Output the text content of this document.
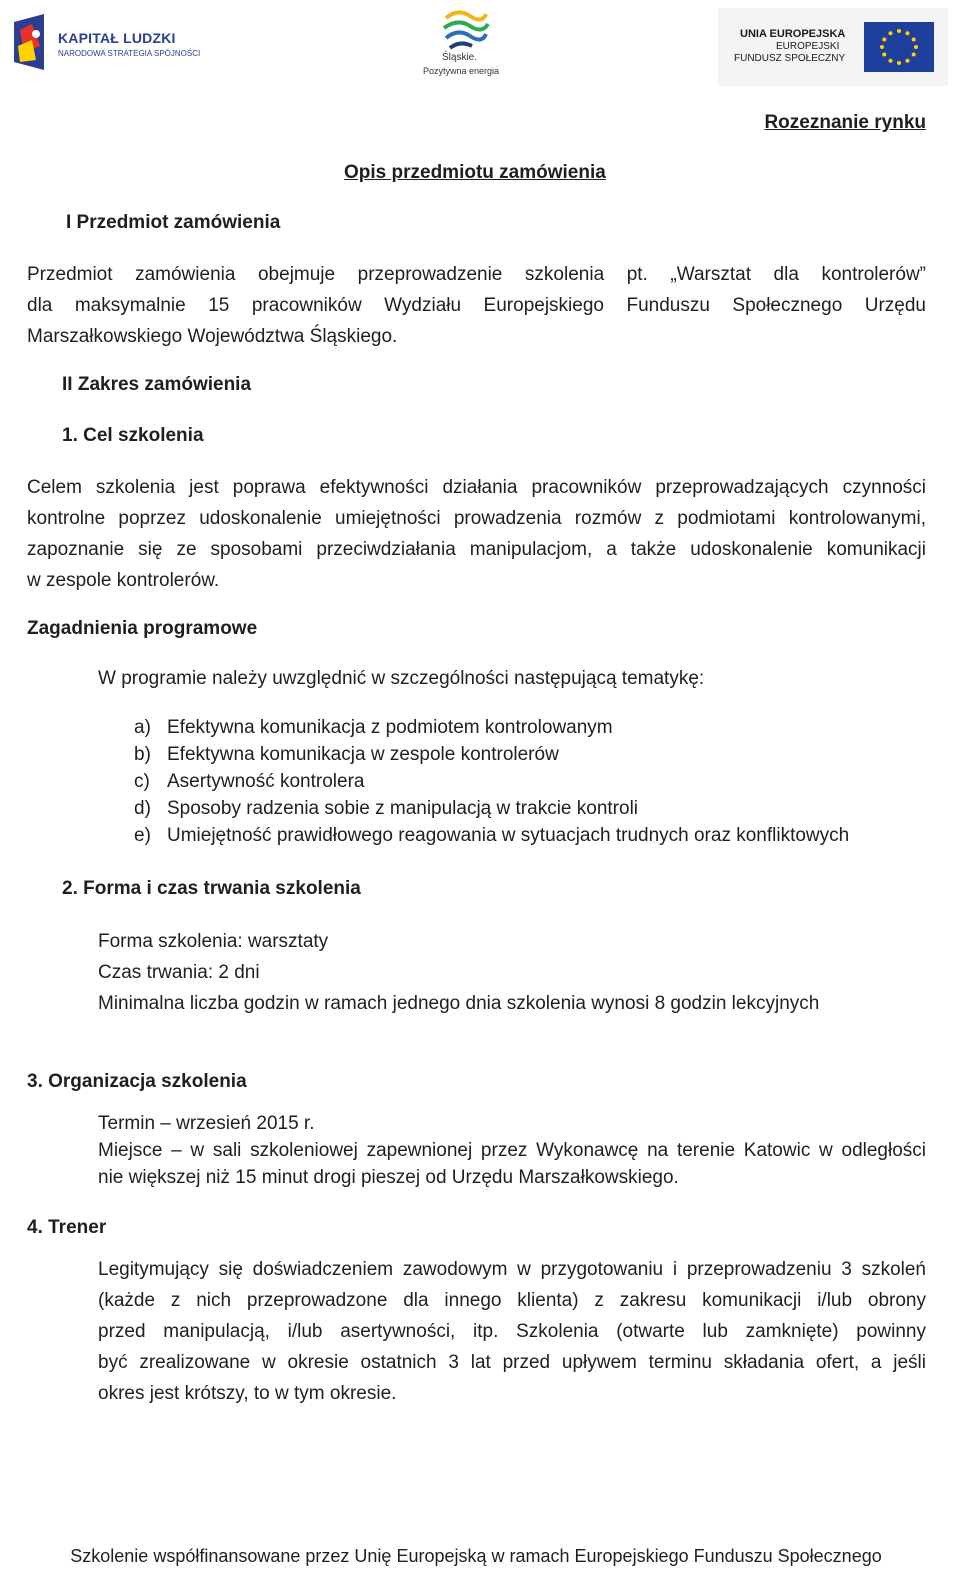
KAPITAŁ LUDZKI
NARODOWA STRATEGIA SPÓJNOŚCI	Śląskie.
Pozytywna energia
UNIA EUROPEJSKA
EUROPEJSKI
FUNDUSZ SPOŁECZNY
Rozeznanie rynku
Opis przedmiotu zamówienia
I Przedmiot zamówienia
Przedmiot zamówienia obejmuje przeprowadzenie szkolenia pt. „Warsztat dla kontrolerów”
dla maksymalnie 15 pracowników Wydziału Europejskiego Funduszu Społecznego Urzędu
Marszałkowskiego Województwa Śląskiego.
II Zakres zamówienia
1. Cel szkolenia
Celem szkolenia jest poprawa efektywności działania pracowników przeprowadzających czynności
kontrolne poprzez udoskonalenie umiejętności prowadzenia rozmów z podmiotami kontrolowanymi,
zapoznanie się ze sposobami przeciwdziałania manipulacjom, a także udoskonalenie komunikacji
w zespole kontrolerów.
Zagadnienia programowe
W programie należy uwzględnić w szczególności następującą tematykę:
a) Efektywna komunikacja z podmiotem kontrolowanym
b) Efektywna komunikacja w zespole kontrolerów
c) Asertywność kontrolera
d) Sposoby radzenia sobie z manipulacją w trakcie kontroli
e) Umiejętność prawidłowego reagowania w sytuacjach trudnych oraz konfliktowych
2. Forma i czas trwania szkolenia
Forma szkolenia: warsztaty
Czas trwania: 2 dni
Minimalna liczba godzin w ramach jednego dnia szkolenia wynosi 8 godzin lekcyjnych
3. Organizacja szkolenia
Termin – wrzesień 2015 r.
Miejsce – w sali szkoleniowej zapewnionej przez Wykonawcę na terenie Katowic w odległości
nie większej niż 15 minut drogi pieszej od Urzędu Marszałkowskiego.
4. Trener
Legitymujący się doświadczeniem zawodowym w przygotowaniu i przeprowadzeniu 3 szkoleń
(każde z nich przeprowadzone dla innego klienta) z zakresu komunikacji i/lub obrony
przed manipulacją, i/lub asertywności, itp. Szkolenia (otwarte lub zamknięte) powinny
być zrealizowane w okresie ostatnich 3 lat przed upływem terminu składania ofert, a jeśli
okres jest krótszy, to w tym okresie.
Szkolenie współfinansowane przez Unię Europejską w ramach Europejskiego Funduszu Społecznego
